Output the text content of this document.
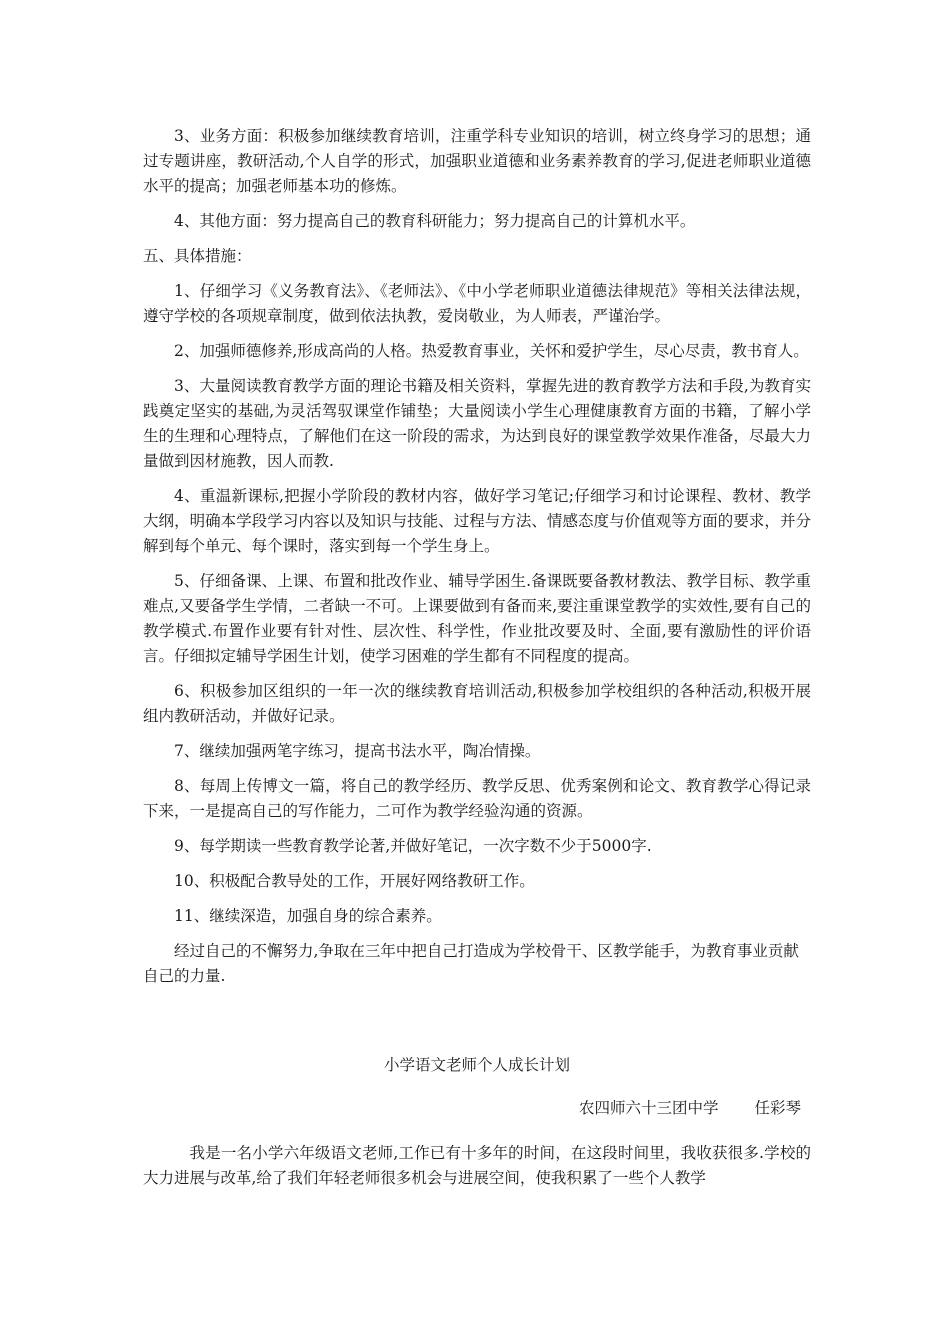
3、业务方面：积极参加继续教育培训，注重学科专业知识的培训，树立终身学习的思想；通过专题讲座，教研活动,个人自学的形式，加强职业道德和业务素养教育的学习,促进老师职业道德水平的提高；加强老师基本功的修炼。

4、其他方面：努力提高自己的教育科研能力；努力提高自己的计算机水平。

五、具体措施：

1、仔细学习《义务教育法》、《老师法》、《中小学老师职业道德法律规范》等相关法律法规，遵守学校的各项规章制度，做到依法执教，爱岗敬业，为人师表，严谨治学。

2、加强师德修养,形成高尚的人格。热爱教育事业，关怀和爱护学生，尽心尽责，教书育人。

3、大量阅读教育教学方面的理论书籍及相关资料，掌握先进的教育教学方法和手段,为教育实践奠定坚实的基础,为灵活驾驭课堂作铺垫；大量阅读小学生心理健康教育方面的书籍，了解小学生的生理和心理特点，了解他们在这一阶段的需求，为达到良好的课堂教学效果作准备，尽最大力量做到因材施教，因人而教.

4、重温新课标,把握小学阶段的教材内容，做好学习笔记;仔细学习和讨论课程、教材、教学大纲，明确本学段学习内容以及知识与技能、过程与方法、情感态度与价值观等方面的要求，并分解到每个单元、每个课时，落实到每一个学生身上。

5、仔细备课、上课、布置和批改作业、辅导学困生.备课既要备教材教法、教学目标、教学重难点,又要备学生学情，二者缺一不可。上课要做到有备而来,要注重课堂教学的实效性,要有自己的教学模式.布置作业要有针对性、层次性、科学性，作业批改要及时、全面,要有激励性的评价语言。仔细拟定辅导学困生计划，使学习困难的学生都有不同程度的提高。

6、积极参加区组织的一年一次的继续教育培训活动,积极参加学校组织的各种活动,积极开展组内教研活动，并做好记录。

7、继续加强两笔字练习，提高书法水平，陶冶情操。

8、每周上传博文一篇，将自己的教学经历、教学反思、优秀案例和论文、教育教学心得记录下来，一是提高自己的写作能力，二可作为教学经验沟通的资源。

9、每学期读一些教育教学论著,并做好笔记，一次字数不少于5000字.

10、积极配合教导处的工作，开展好网络教研工作。

11、继续深造，加强自身的综合素养。

经过自己的不懈努力,争取在三年中把自己打造成为学校骨干、区教学能手，为教育事业贡献自己的力量.

小学语文老师个人成长计划
农四师六十三团中学 任彩琴

我是一名小学六年级语文老师,工作已有十多年的时间，在这段时间里，我收获很多.学校的大力进展与改革,给了我们年轻老师很多机会与进展空间，使我积累了一些个人教学
